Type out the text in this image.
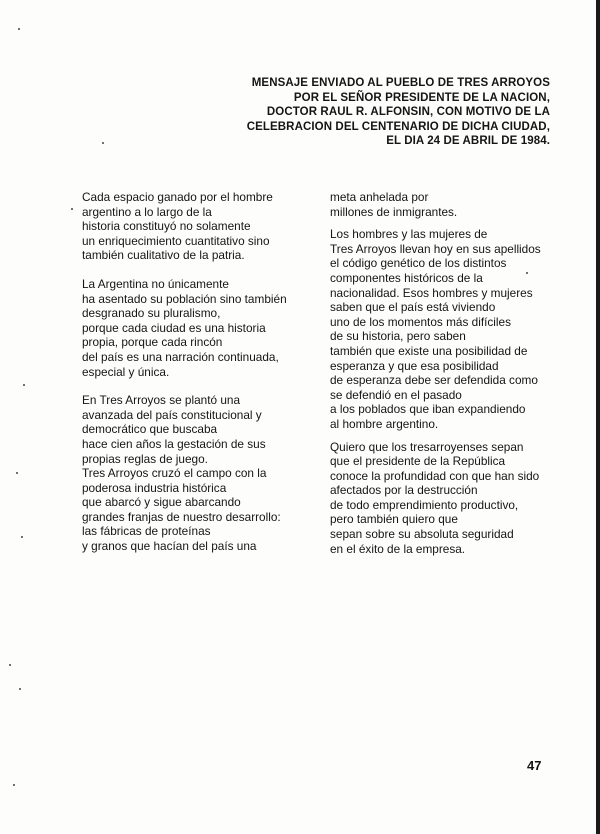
MENSAJE ENVIADO AL PUEBLO DE TRES ARROYOS
POR EL SEÑOR PRESIDENTE DE LA NACION,
DOCTOR RAUL R. ALFONSIN, CON MOTIVO DE LA
CELEBRACION DEL CENTENARIO DE DICHA CIUDAD,
EL DIA 24 DE ABRIL DE 1984.

Cada espacio ganado por el hombre
argentino a lo largo de la
historia constituyó no solamente
un enriquecimiento cuantitativo sino
también cualitativo de la patria.

La Argentina no únicamente
ha asentado su población sino también
desgranado su pluralismo,
porque cada ciudad es una historia
propia, porque cada rincón
del país es una narración continuada,
especial y única.

En Tres Arroyos se plantó una
avanzada del país constitucional y
democrático que buscaba
hace cien años la gestación de sus
propias reglas de juego.
Tres Arroyos cruzó el campo con la
poderosa industria histórica
que abarcó y sigue abarcando
grandes franjas de nuestro desarrollo:
las fábricas de proteínas
y granos que hacían del país una

meta anhelada por
millones de inmigrantes.

Los hombres y las mujeres de
Tres Arroyos llevan hoy en sus apellidos
el código genético de los distintos
componentes históricos de la
nacionalidad. Esos hombres y mujeres
saben que el país está viviendo
uno de los momentos más difíciles
de su historia, pero saben
también que existe una posibilidad de
esperanza y que esa posibilidad
de esperanza debe ser defendida como
se defendió en el pasado
a los poblados que iban expandiendo
al hombre argentino.

Quiero que los tresarroyenses sepan
que el presidente de la República
conoce la profundidad con que han sido
afectados por la destrucción
de todo emprendimiento productivo,
pero también quiero que
sepan sobre su absoluta seguridad
en el éxito de la empresa.

47
